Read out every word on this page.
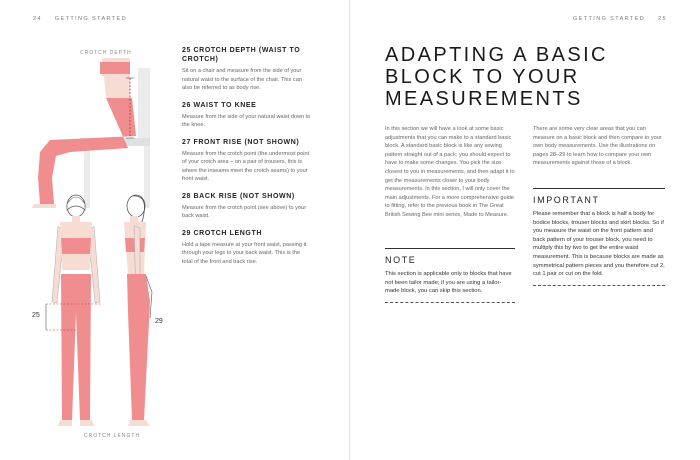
24 GETTING STARTED	GETTING STARTED 25
CROTCH DEPTH
25
29
CROTCH LENGTH
25 CROTCH DEPTH (WAIST TO CROTCH)
Sit on a chair and measure from the side of your natural waist to the surface of the chair. This can also be referred to as body rise.
26 WAIST TO KNEE
Measure from the side of your natural waist down to the knee.
27 FRONT RISE (NOT SHOWN)
Measure from the crotch point (the undermost point of your crotch area – on a pair of trousers, this is where the inseams meet the crotch seams) to your front waist.
28 BACK RISE (NOT SHOWN)
Measure from the crotch point (see above) to your back waist.
29 CROTCH LENGTH
Hold a tape measure at your front waist, passing it through your legs to your back waist. This is the total of the front and back rise.
ADAPTING A BASIC BLOCK TO YOUR MEASUREMENTS
In this section we will have a look at some basic adjustments that you can make to a standard basic block. A standard basic block is like any sewing pattern straight out of a pack: you should expect to have to make some changes. You pick the size closest to you in measurements, and then adapt it to get the measurements closer to your body measurements. In this section, I will only cover the main adjustments. For a more comprehensive guide to fitting, refer to the previous book in The Great British Sewing Bee mini series, Made to Measure.
There are some very clear areas that you can measure on a basic block and then compare to your own body measurements. Use the illustrations on pages 28–29 to learn how to compare your own measurements against those of a block.
NOTE
This section is applicable only to blocks that have not been tailor made; if you are using a tailor-made block, you can skip this section.
IMPORTANT
Please remember that a block is half a body for bodice blocks, trouser blocks and skirt blocks. So if you measure the waist on the front pattern and back pattern of your trouser block, you need to multiply this by two to get the entire waist measurement. This is because blocks are made as symmetrical pattern pieces and you therefore cut 2, cut 1 pair or cut on the fold.
